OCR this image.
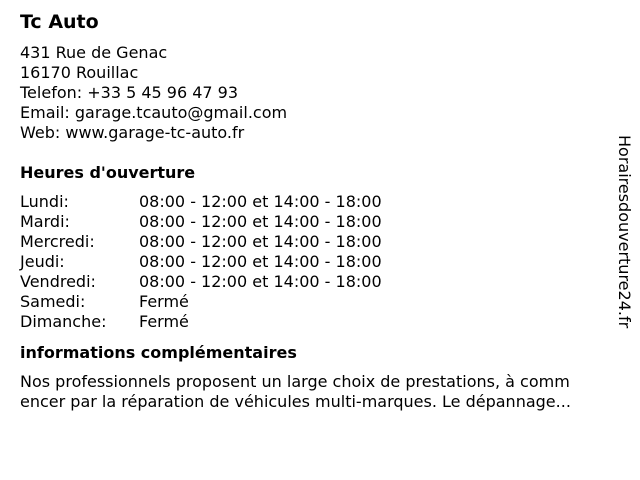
Tc Auto
431 Rue de Genac
16170 Rouillac
Telefon: +33 5 45 96 47 93
Email: garage.tcauto@gmail.com
Web: www.garage-tc-auto.fr
Heures d'ouverture
Lundi:	08:00 - 12:00 et 14:00 - 18:00
Mardi:	08:00 - 12:00 et 14:00 - 18:00
Mercredi:	08:00 - 12:00 et 14:00 - 18:00
Jeudi:	08:00 - 12:00 et 14:00 - 18:00
Vendredi:	08:00 - 12:00 et 14:00 - 18:00
Samedi:	Fermé
Dimanche:	Fermé
informations complémentaires
Nos professionnels proposent un large choix de prestations, à comm
encer par la réparation de véhicules multi-marques. Le dépannage...
Horairesdouverture24.fr
